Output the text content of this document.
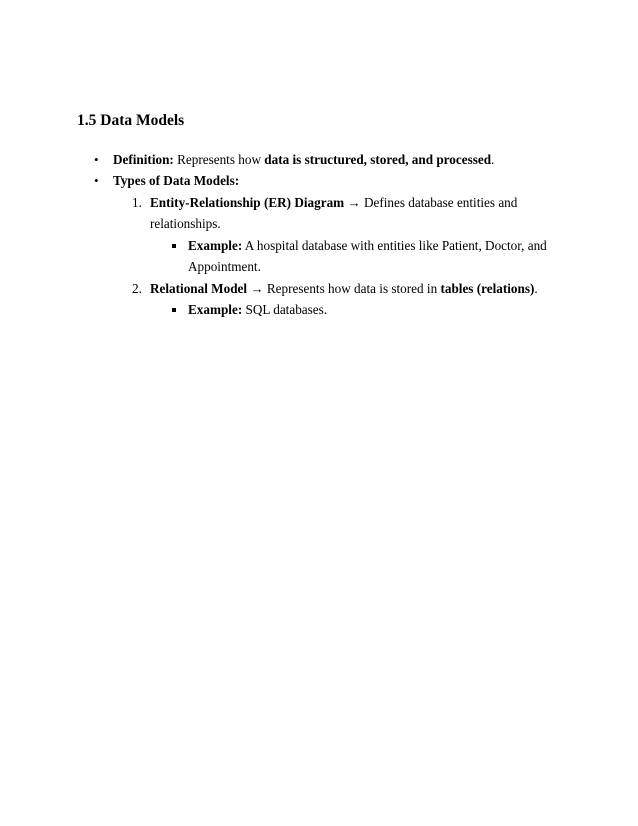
1.5 Data Models
• Definition: Represents how data is structured, stored, and processed.
• Types of Data Models:
1. Entity-Relationship (ER) Diagram → Defines database entities and
relationships.
Example: A hospital database with entities like Patient, Doctor, and
Appointment.
2. Relational Model → Represents how data is stored in tables (relations).
Example: SQL databases.
